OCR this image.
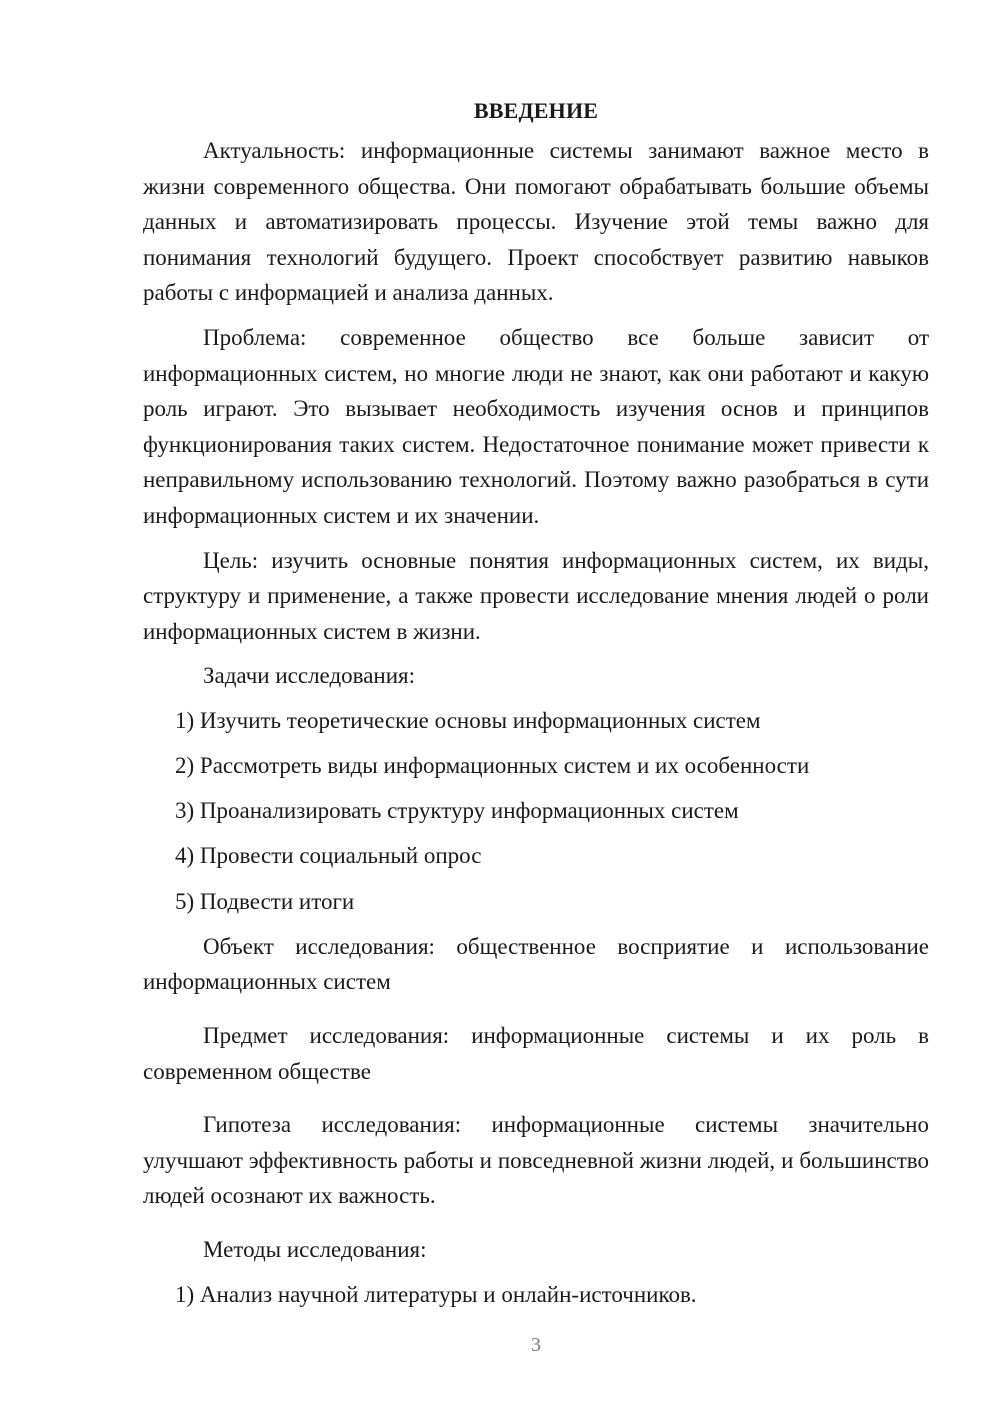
ВВЕДЕНИЕ

Актуальность: информационные системы занимают важное место в жизни современного общества. Они помогают обрабатывать большие объемы данных и автоматизировать процессы. Изучение этой темы важно для понимания технологий будущего. Проект способствует развитию навыков работы с информацией и анализа данных.

Проблема: современное общество все больше зависит от информационных систем, но многие люди не знают, как они работают и какую роль играют. Это вызывает необходимость изучения основ и принципов функционирования таких систем. Недостаточное понимание может привести к неправильному использованию технологий. Поэтому важно разобраться в сути информационных систем и их значении.

Цель: изучить основные понятия информационных систем, их виды, структуру и применение, а также провести исследование мнения людей о роли информационных систем в жизни.

Задачи исследования:

1) Изучить теоретические основы информационных систем

2) Рассмотреть виды информационных систем и их особенности

3) Проанализировать структуру информационных систем

4) Провести социальный опрос

5) Подвести итоги

Объект исследования: общественное восприятие и использование информационных систем

Предмет исследования: информационные системы и их роль в современном обществе

Гипотеза исследования: информационные системы значительно улучшают эффективность работы и повседневной жизни людей, и большинство людей осознают их важность.

Методы исследования:

1) Анализ научной литературы и онлайн-источников.

3
